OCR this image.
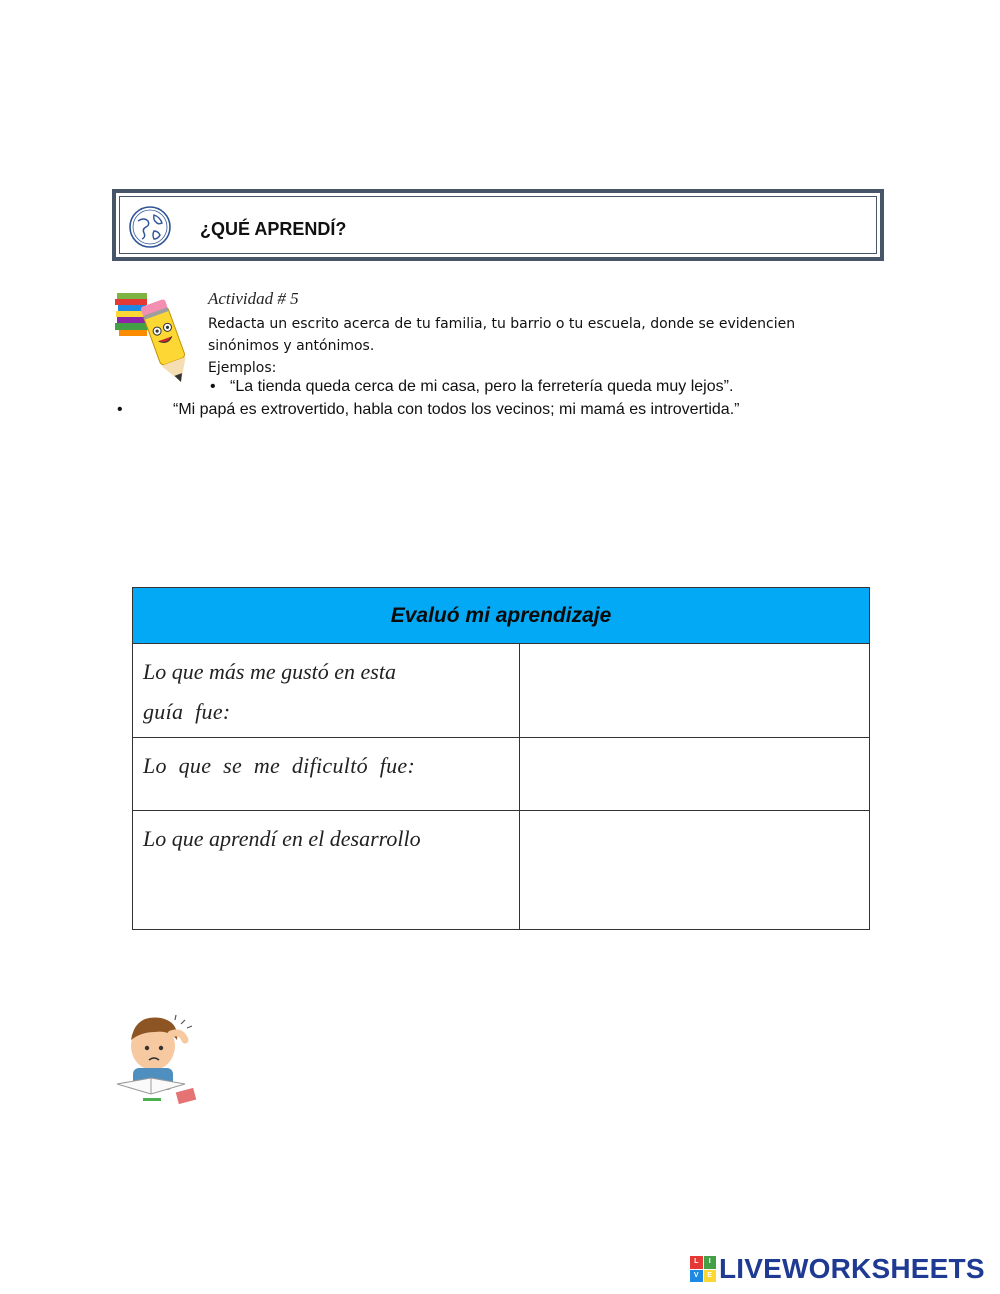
¿QUÉ APRENDÍ?
Actividad # 5
Redacta un escrito acerca de tu familia, tu barrio o tu escuela, donde se evidencien sinónimos y antónimos.
Ejemplos:
• “La tienda queda cerca de mi casa, pero la ferretería queda muy lejos”.
•	“Mi papá es extrovertido, habla con todos los vecinos; mi mamá es introvertida.”
Evaluó mi aprendizaje	

Lo que más me gustó en esta
guía fue:	

Lo que se me dificultó fue:	
Lo que aprendí en el desarrollo	
L	I
V	E LIVEWORKSHEETS
